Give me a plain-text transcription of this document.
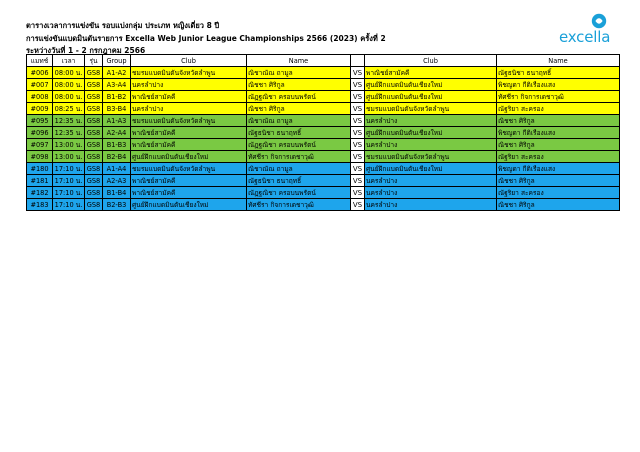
ตารางเวลาการแข่งขัน รอบแบ่งกลุ่ม ประเภท หญิงเดี่ยว 8 ปี
การแข่งขันแบดมินตันรายการ Excella Web Junior League Championships 2566 (2023) ครั้งที่ 2
ระหว่างวันที่ 1 - 2 กรกฎาคม 2566
excella
แมทช์	เวลา	รุ่น	Group	Club	Name		Club	Name
#006	08:00 น.	GS8	A1-A2	ชมรมแบดมินตันจังหวัดลำพูน	ณิชาณัณ ถามูล	VS	พาณิชย์สามัคคี	ณัฐธนิชา ธนาฤทธิ์

#007	08:00 น.	GS8	A3-A4	นครลำปาง	ณิชชา ศิริกูล	VS	ศูนย์ฝึกแบดมินตันเชียงใหม่	พิชญดา กีติเรืองแสง

#008	08:00 น.	GS8	B1-B2	พาณิชย์สามัคคี	ณัฏฐณิชา ครอบนพรัตน์	VS	ศูนย์ฝึกแบดมินตันเชียงใหม่	ทัศชีรา กิจการเดชาวุฒิ

#009	08:25 น.	GS8	B3-B4	นครลำปาง	ณิชชา ศิริกูล	VS	ชมรมแบดมินตันจังหวัดลำพูน	ณัฐริยา สะครอง

#095	12:35 น.	GS8	A1-A3	ชมรมแบดมินตันจังหวัดลำพูน	ณิชาณัณ ถามูล	VS	นครลำปาง	ณิชชา ศิริกูล

#096	12:35 น.	GS8	A2-A4	พาณิชย์สามัคคี	ณัฐธนิชา ธนาฤทธิ์	VS	ศูนย์ฝึกแบดมินตันเชียงใหม่	พิชญดา กีติเรืองแสง

#097	13:00 น.	GS8	B1-B3	พาณิชย์สามัคคี	ณัฏฐณิชา ครอบนพรัตน์	VS	นครลำปาง	ณิชชา ศิริกูล

#098	13:00 น.	GS8	B2-B4	ศูนย์ฝึกแบดมินตันเชียงใหม่	ทัศชีรา กิจการเดชาวุฒิ	VS	ชมรมแบดมินตันจังหวัดลำพูน	ณัฐริยา สะครอง

#180	17:10 น.	GS8	A1-A4	ชมรมแบดมินตันจังหวัดลำพูน	ณิชาณัณ ถามูล	VS	ศูนย์ฝึกแบดมินตันเชียงใหม่	พิชญดา กีติเรืองแสง

#181	17:10 น.	GS8	A2-A3	พาณิชย์สามัคคี	ณัฐธนิชา ธนาฤทธิ์	VS	นครลำปาง	ณิชชา ศิริกูล

#182	17:10 น.	GS8	B1-B4	พาณิชย์สามัคคี	ณัฏฐณิชา ครอบนพรัตน์	VS	นครลำปาง	ณัฐริยา สะครอง

#183	17:10 น.	GS8	B2-B3	ศูนย์ฝึกแบดมินตันเชียงใหม่	ทัศชีรา กิจการเดชาวุฒิ	VS	นครลำปาง	ณิชชา ศิริกูล
